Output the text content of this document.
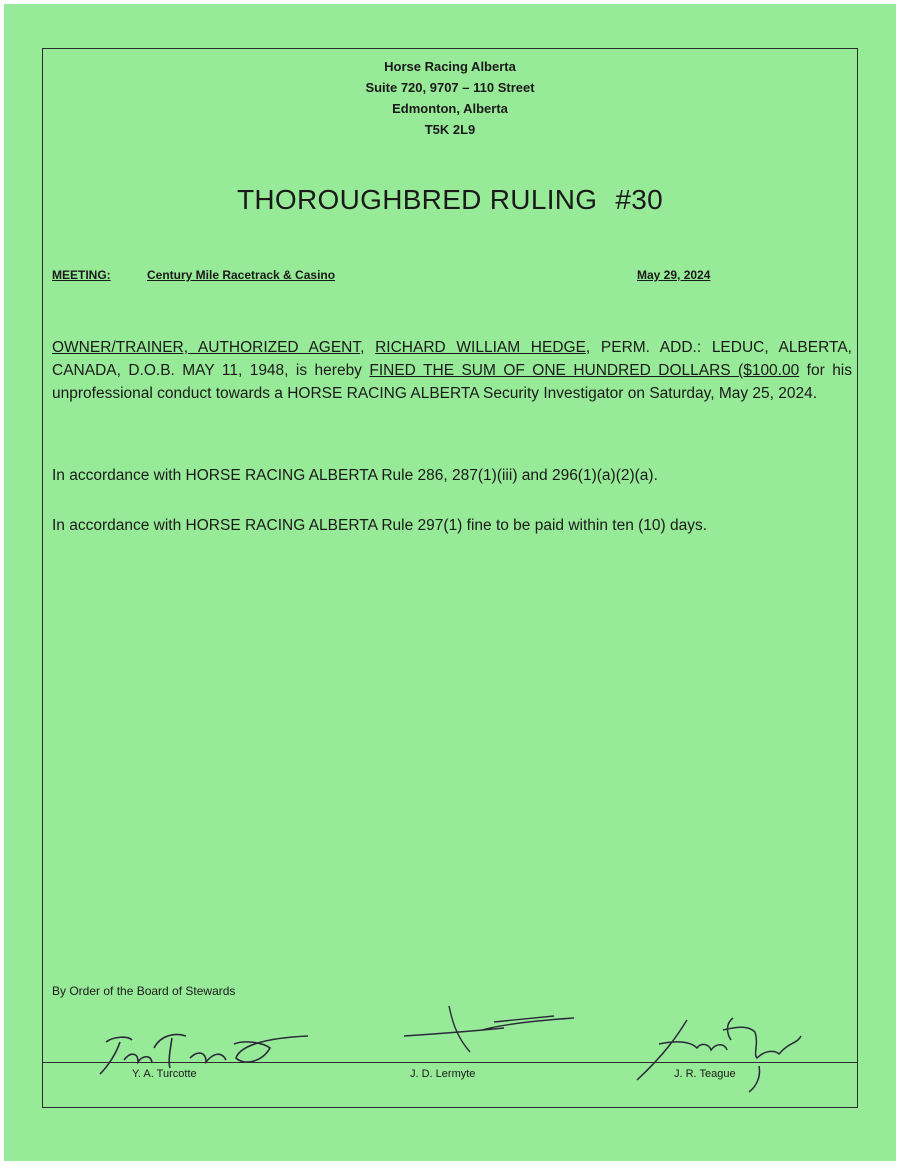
Horse Racing Alberta
Suite 720, 9707 – 110 Street
Edmonton, Alberta
T5K 2L9
THOROUGHBRED RULING #30
MEETING:	Century Mile Racetrack & Casino	May 29, 2024
OWNER/TRAINER, AUTHORIZED AGENT, RICHARD WILLIAM HEDGE, PERM. ADD.: LEDUC, ALBERTA, CANADA, D.O.B. MAY 11, 1948, is hereby FINED THE SUM OF ONE HUNDRED DOLLARS ($100.00 for his unprofessional conduct towards a HORSE RACING ALBERTA Security Investigator on Saturday, May 25, 2024.
In accordance with HORSE RACING ALBERTA Rule 286, 287(1)(iii) and 296(1)(a)(2)(a).
In accordance with HORSE RACING ALBERTA Rule 297(1) fine to be paid within ten (10) days.
By Order of the Board of Stewards
Y. A. Turcotte	J. D. Lermyte	J. R. Teague
